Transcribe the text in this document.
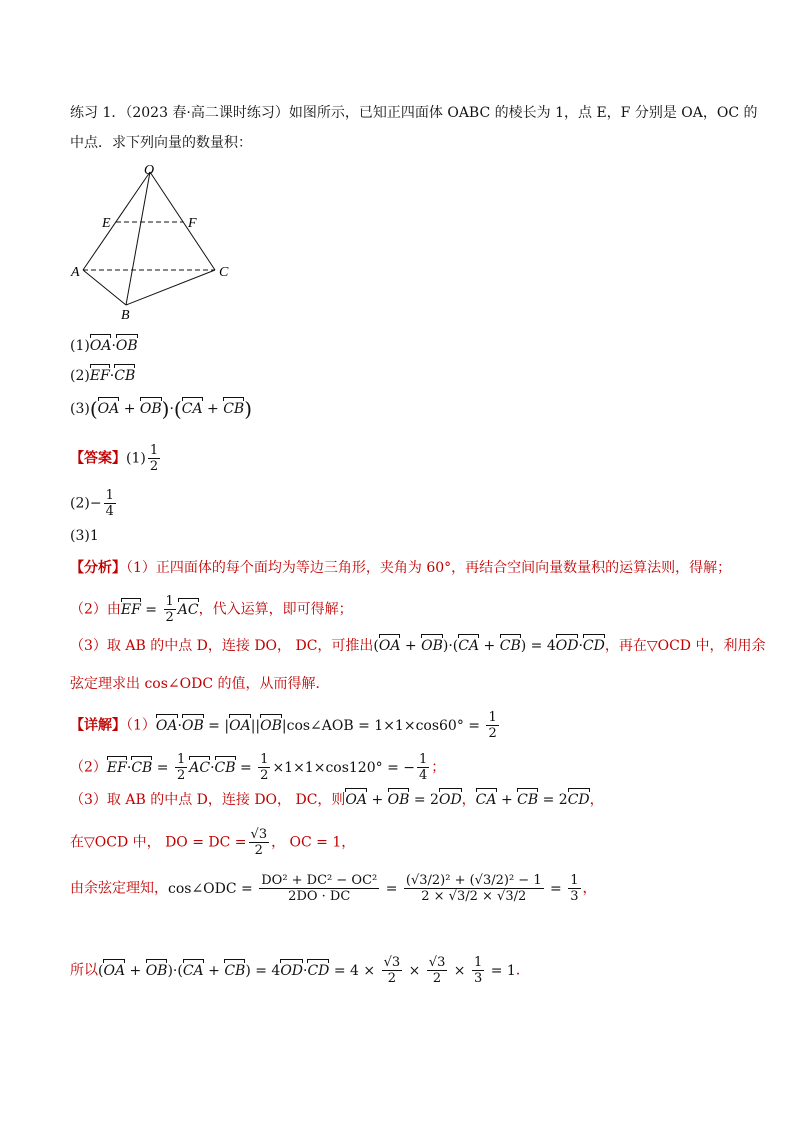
练习 1．（2023 春·高二课时练习）如图所示，已知正四面体 OABC 的棱长为 1，点 E，F 分别是 OA，OC 的
中点．求下列向量的数量积：
O
E	F
A	C
B
(1)OA·OB
(2)EF·CB
(3)(OA + OB)·(CA + CB)
【答案】$(1) \frac{1}{2}$
$(2)- \frac{1}{4}$
(3)1
【分析】（1）正四面体的每个面均为等边三角形，夹角为 60°，再结合空间向量数量积的运算法则，得解；
（2）由EF = $\frac{1}{2}$ AC，代入运算，即可得解；
（3）取 AB 的中点 D，连接 DO， DC，可推出(OA + OB)·(CA + CB) = 4OD·CD，再在▽OCD 中，利用余
弦定理求出 cos∠ODC 的值，从而得解．
【详解】（1）OA·OB = |OA||OB|cos∠AOB = $1\times 1\times\cos 60^\circ = \frac{1}{2}$
$(2)EF\cdot CB = \frac{1}{2} AC\cdot CB = \frac{1}{2} \times 1\times 1\times\cos 120^\circ$ = − $\frac{1}{4}$ ；
（3）取 AB 的中点 D，连接 DO， DC，则OA + OB = 2OD，CA + CB = 2CD，
在▽OCD 中， DO = DC = $\frac{√3}{2}$ ， OC = 1，
由余弦定理知，cos∠ODC = $\frac{\text{DO² + DC² − OC²}}{2DO \cdot DC} = \frac{\text{(√3/2)² + (√3/2)² − 1}}{2 \times √3/2 \times √3/2} = \frac{1}{3}$ ，
所以$(OA + OB)\cdot(CA + CB) = 4OD\cdot CD = 4 \times \frac{√3}{2} \times \frac{√3}{2} \times \frac{1}{3} = 1$．
